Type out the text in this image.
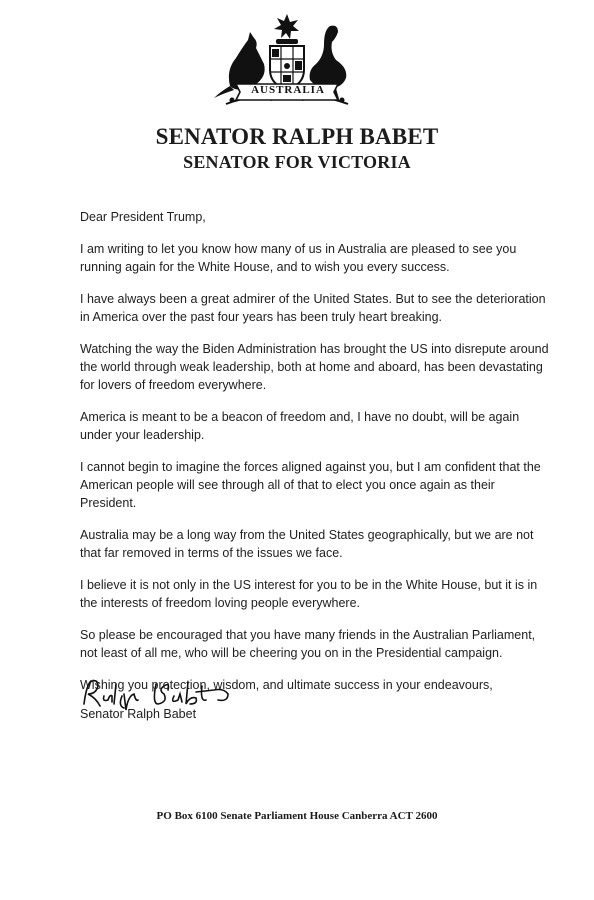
AUSTRALIA
SENATOR RALPH BABET
SENATOR FOR VICTORIA

Dear President Trump,

I am writing to let you know how many of us in Australia are pleased to see you running again for the White House, and to wish you every success.

I have always been a great admirer of the United States. But to see the deterioration in America over the past four years has been truly heart breaking.

Watching the way the Biden Administration has brought the US into disrepute around the world through weak leadership, both at home and aboard, has been devastating for lovers of freedom everywhere.

America is meant to be a beacon of freedom and, I have no doubt, will be again under your leadership.

I cannot begin to imagine the forces aligned against you, but I am confident that the American people will see through all of that to elect you once again as their President.

Australia may be a long way from the United States geographically, but we are not that far removed in terms of the issues we face.

I believe it is not only in the US interest for you to be in the White House, but it is in the interests of freedom loving people everywhere.

So please be encouraged that you have many friends in the Australian Parliament, not least of all me, who will be cheering you on in the Presidential campaign.

Wishing you protection, wisdom, and ultimate success in your endeavours,

Senator Ralph Babet
PO Box 6100 Senate Parliament House Canberra ACT 2600
